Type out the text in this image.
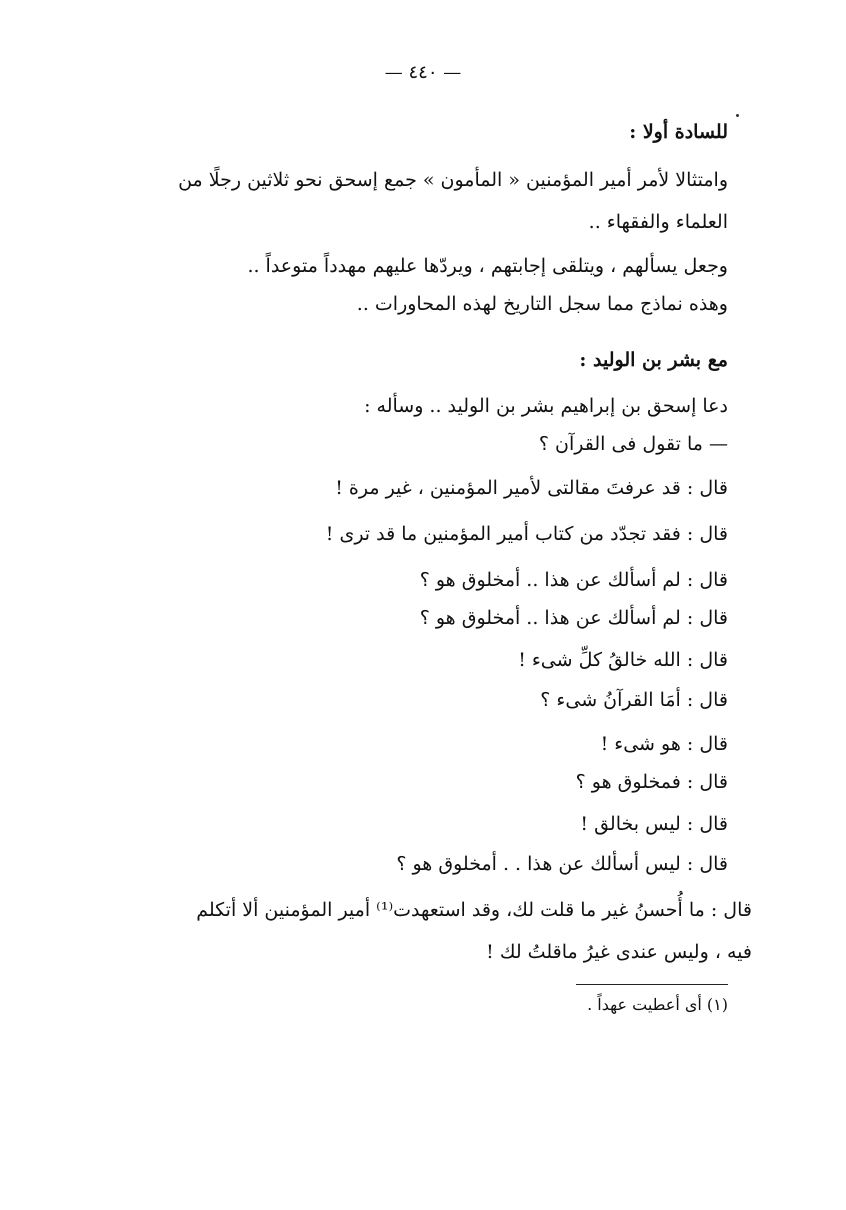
— ٤٤٠ —
للسادة أولا :
وامتثالا لأمر أمير المؤمنين « المأمون » جمع إسحق نحو ثلاثين رجلًا من
العلماء والفقهاء ..
وجعل يسألهم ، ويتلقى إجابتهم ، ويردّها عليهم مهدداً متوعداً ..
وهذه نماذج مما سجل التاريخ لهذه المحاورات ..
مع بشر بن الوليد :
دعا إسحق بن إبراهيم بشر بن الوليد .. وسأله :
— ما تقول فى القرآن ؟
قال : قد عرفتَ مقالتى لأمير المؤمنين ، غير مرة !
قال : فقد تجدّد من كتاب أمير المؤمنين ما قد ترى !
قال : لم أسألك عن هذا .. أمخلوق هو ؟
قال : لم أسألك عن هذا .. أمخلوق هو ؟
قال : الله خالقُ كلِّ شىء !
قال : أمَا القرآنُ شىء ؟
قال : هو شىء !
قال : فمخلوق هو ؟
قال : ليس بخالق !
قال : ليس أسألك عن هذا . . أمخلوق هو ؟
قال : ما أُحسنُ غير ما قلت لك، وقد استعهدت⁽¹⁾ أمير المؤمنين ألا أتكلم
فيه ، وليس عندى غيرُ ماقلتُ لك !
(١) أى أعطيت عهداً .
